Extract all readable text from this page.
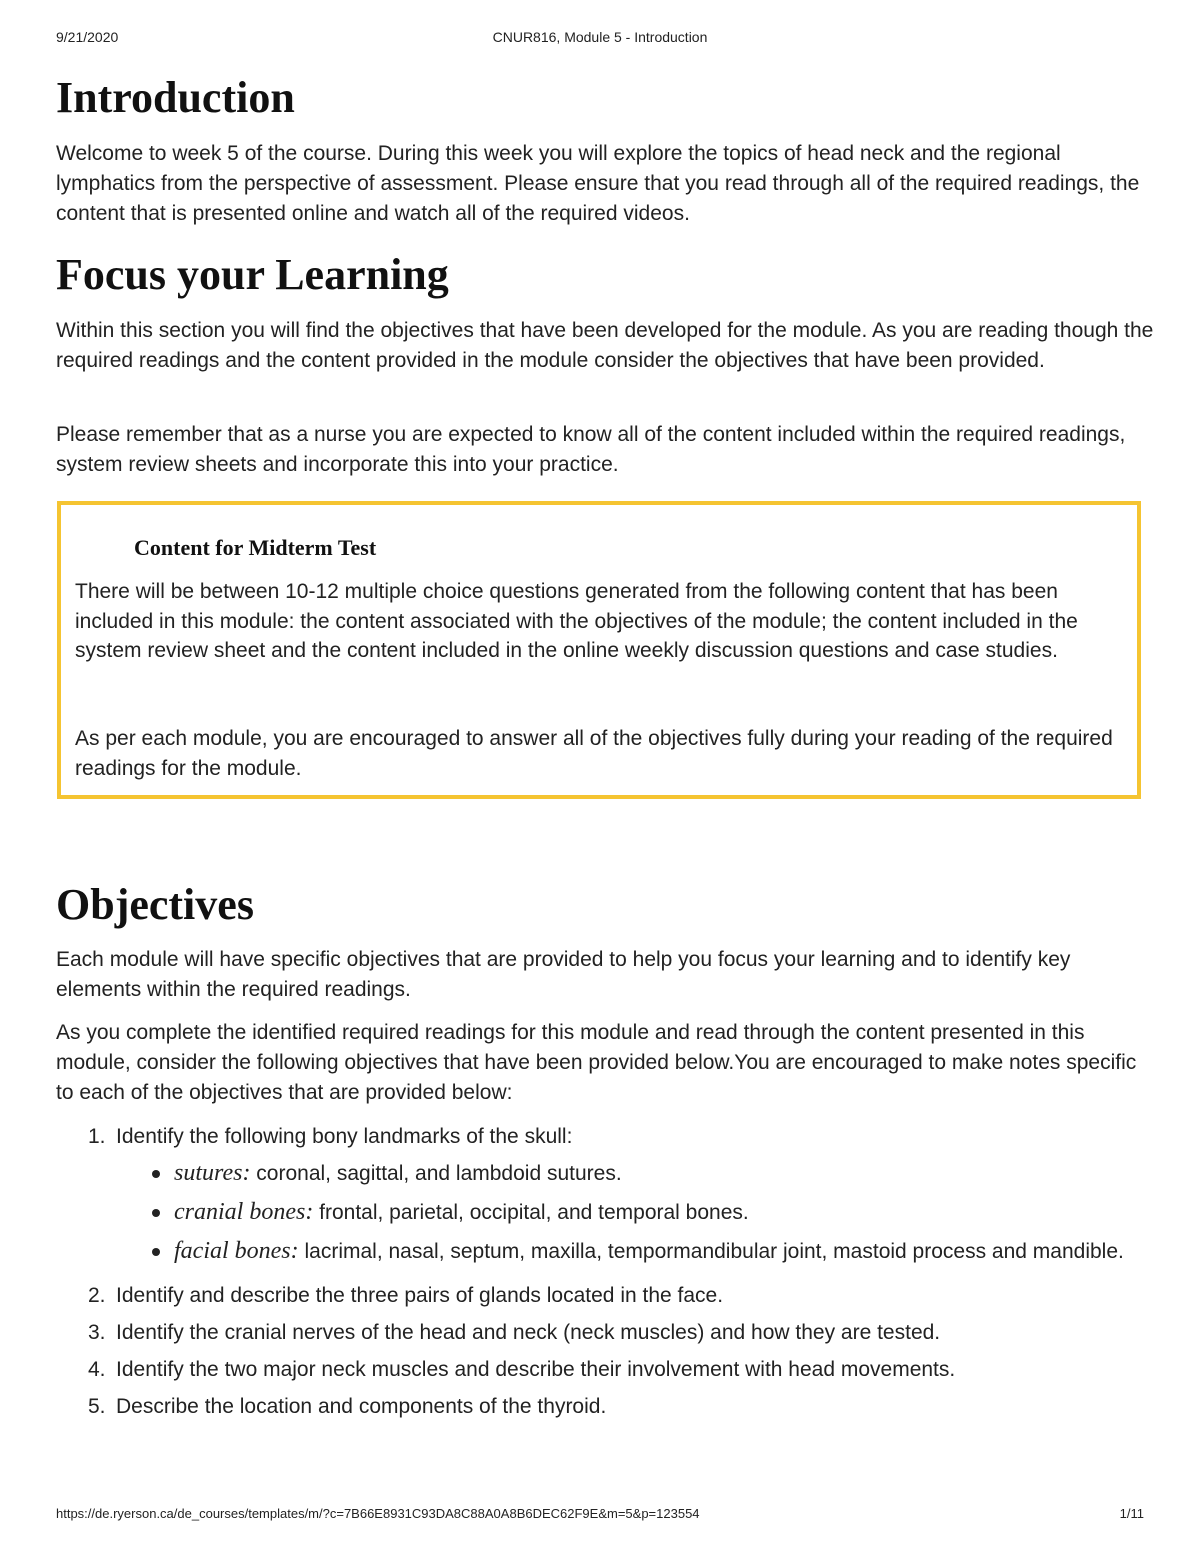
9/21/2020	CNUR816, Module 5 - Introduction
Introduction

Welcome to week 5 of the course. During this week you will explore the topics of head neck and the regional lymphatics from the perspective of assessment. Please ensure that you read through all of the required readings, the content that is presented online and watch all of the required videos.

Focus your Learning

Within this section you will find the objectives that have been developed for the module. As you are reading though the required readings and the content provided in the module consider the objectives that have been provided.

Please remember that as a nurse you are expected to know all of the content included within the required readings, system review sheets and incorporate this into your practice.

Content for Midterm Test

There will be between 10-12 multiple choice questions generated from the following content that has been included in this module: the content associated with the objectives of the module; the content included in the system review sheet and the content included in the online weekly discussion questions and case studies.

As per each module, you are encouraged to answer all of the objectives fully during your reading of the required readings for the module.

Objectives

Each module will have specific objectives that are provided to help you focus your learning and to identify key elements within the required readings.

As you complete the identified required readings for this module and read through the content presented in this module, consider the following objectives that have been provided below.You are encouraged to make notes specific to each of the objectives that are provided below:

1. Identify the following bony landmarks of the skull:
sutures: coronal, sagittal, and lambdoid sutures.
cranial bones: frontal, parietal, occipital, and temporal bones.
facial bones: lacrimal, nasal, septum, maxilla, tempormandibular joint, mastoid process and mandible.
2. Identify and describe the three pairs of glands located in the face.
3. Identify the cranial nerves of the head and neck (neck muscles) and how they are tested.
4. Identify the two major neck muscles and describe their involvement with head movements.
5. Describe the location and components of the thyroid.
https://de.ryerson.ca/de_courses/templates/m/?c=7B66E8931C93DA8C88A0A8B6DEC62F9E&m=5&p=123554	1/11
